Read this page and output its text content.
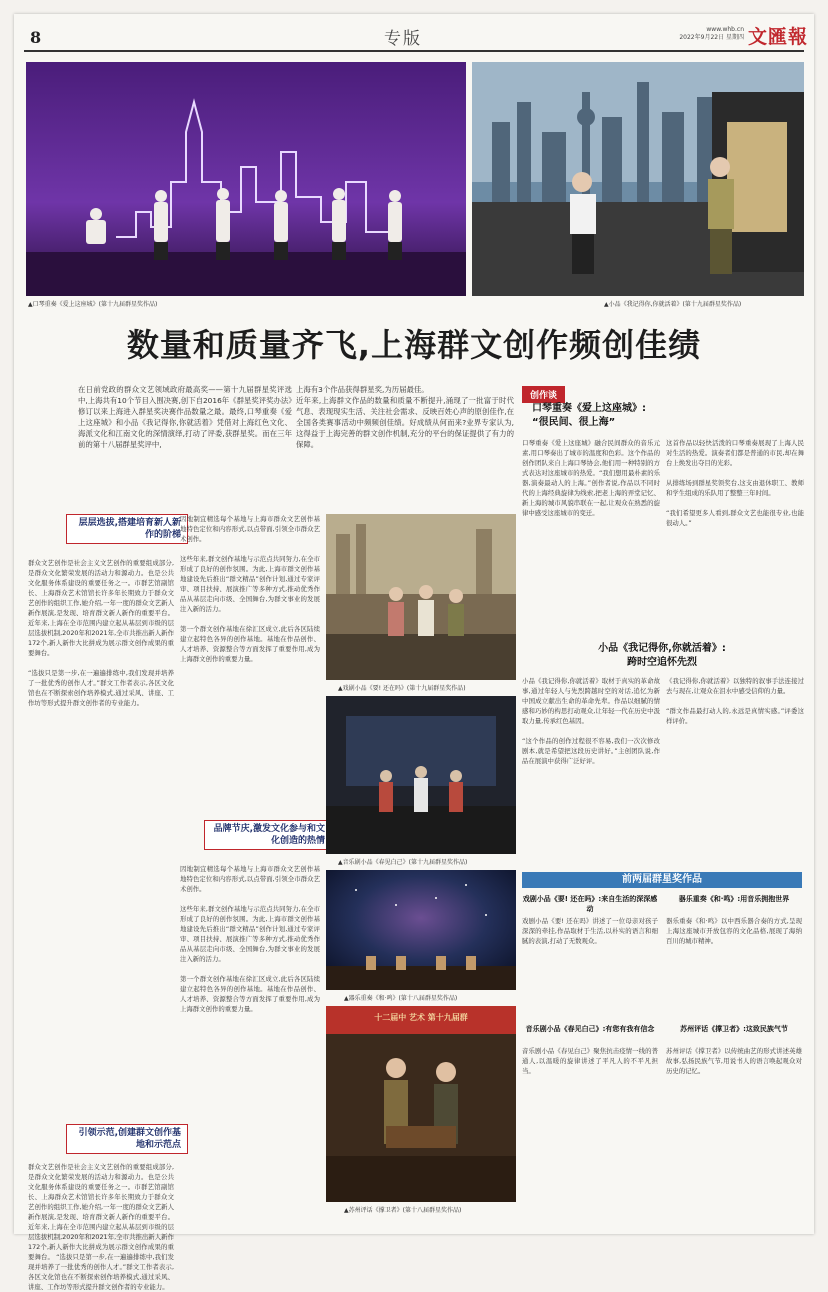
8	专版	www.whb.cn
2022年9月22日 星期四 文匯報
▲口琴重奏《爱上这座城》(第十九届群星奖作品)	▲小品《我记得你,你就活着》(第十九届群星奖作品)
数量和质量齐飞,上海群文创作频创佳绩
在日前党政的群众文艺领域政府最高奖——第十九届群星奖评选中,上海共有10个节目入围决赛,创下自2016年《群星奖评奖办法》修订以来上海进入群星奖决赛作品数量之最。最终,口琴重奏《爱上这座城》和小品《我记得你,你就活着》凭借对上海红色文化、海派文化和江南文化的深情演绎,打动了评委,获群星奖。而在三年前的第十八届群星奖评中,
上海有3个作品获得群星奖,为历届最佳。
近年来,上海群文作品的数量和质量不断提升,涌现了一批富于时代气息、表现现实生活、关注社会需求、反映百姓心声的原创佳作,在全国各类赛事活动中频频创佳绩。好成绩从何而来?业界专家认为,这得益于上海完善的群文创作机制,充分的平台的保证提供了有力的保障。
创作谈
口琴重奏《爱上这座城》:
“很民间、很上海”
口琴重奏《爱上这座城》融合民间群众的音乐元素,用口琴奏出了城市的温度和色彩。这个作品的创作团队来自上海口琴协会,他们用一种特别的方式表达对这座城市的热爱。“我们想用最朴素的乐器,演奏最动人的上海。”创作者说,作品以不同时代的上海经典旋律为线索,把老上海的弄堂记忆、新上海的城市风貌串联在一起,让观众在熟悉的旋律中感受这座城市的变迁。
这首作品以轻快活泼的口琴重奏展现了上海人民对生活的热爱。演奏者们都是普通的市民,却在舞台上焕发出夺目的光彩。

从排练场到群星奖领奖台,这支由退休职工、教师和学生组成的乐队用了整整三年时间。

“我们希望更多人看到,群众文艺也能很专业,也能很动人。”
小品《我记得你,你就活着》:
跨时空追怀先烈
小品《我记得你,你就活着》取材于真实的革命故事,通过年轻人与先烈跨越时空的对话,追忆为新中国成立献出生命的革命先辈。作品以细腻的情感和巧妙的构思打动观众,让年轻一代在历史中汲取力量,传承红色基因。

“这个作品的创作过程很不容易,我们一次次修改剧本,就是希望把这段历史讲好。”主创团队说,作品在展演中获得广泛好评。
《我记得你,你就活着》以独特的叙事手法连接过去与现在,让观众在泪水中感受信仰的力量。

“群文作品最打动人的,永远是真情实感。”评委这样评价。
前两届群星奖作品
戏剧小品《要! 还在吗》:来自生活的深深感动
戏剧小品《要! 还在吗》讲述了一位母亲对孩子深深的牵挂,作品取材于生活,以朴实的语言和细腻的表演,打动了无数观众。
器乐重奏《和·鸣》:用音乐拥抱世界
器乐重奏《和·鸣》以中西乐器合奏的方式,呈现上海这座城市开放包容的文化品格,展现了海纳百川的城市精神。
音乐剧小品《春见白己》:有您有我有信念
音乐剧小品《春见白己》聚焦抗击疫情一线的普通人,以温暖的旋律讲述了平凡人的不平凡担当。
苏州评话《撑卫者》:这致民族气节
苏州评话《撑卫者》以传统曲艺的形式讲述英雄故事,弘扬民族气节,用说书人的语言唤起观众对历史的记忆。
层层选拔,搭建培育新人新作的阶梯
群众文艺创作是社会主义文艺创作的重要组成部分,是群众文化繁荣发展的活动力和源动力。也是公共文化服务体系建设的重要任务之一。市群艺馆副馆长、上海群众艺术馆馆长许多年长期致力于群众文艺创作的组织工作,她介绍,一年一度的群众文艺新人新作展演,是发现、培育群文新人新作的重要平台。近年来,上海在全市范围内建立起从基层到市级的层层选拔机制,2020年和2021年,全市共推出新人新作172个,新人新作大比拼成为展示群文创作成果的重要舞台。

“选拔只是第一步,在一遍遍排练中,我们发现并培养了一批优秀的创作人才。”群文工作者表示,各区文化馆也在不断探索创作培养模式,通过采风、讲座、工作坊等形式提升群文创作者的专业能力。
引领示范,创建群文创作基地和示范点
群众文艺创作是社会主义文艺创作的重要组成部分,是群众文化繁荣发展的活动力和源动力。也是公共文化服务体系建设的重要任务之一。市群艺馆副馆长、上海群众艺术馆馆长许多年长期致力于群众文艺创作的组织工作,她介绍,一年一度的群众文艺新人新作展演,是发现、培育群文新人新作的重要平台。近年来,上海在全市范围内建立起从基层到市级的层层选拔机制,2020年和2021年,全市共推出新人新作172个,新人新作大比拼成为展示群文创作成果的重要舞台。 “选拔只是第一步,在一遍遍排练中,我们发现并培养了一批优秀的创作人才。”群文工作者表示,各区文化馆也在不断探索创作培养模式,通过采风、讲座、工作坊等形式提升群文创作者的专业能力。
因地制宜精选每个基地与上海市群众文艺创作基地特色定位和内容形式,以点带面,引领全市群众艺术创作。

这些年来,群文创作基地与示范点共同努力,在全市形成了良好的创作氛围。为此,上海市群文创作基地建设先后推出“群文精品”创作计划,通过专家评审、项目扶持、展演推广等多种方式,推动优秀作品从基层走向市级、全国舞台,为群文事业的发展注入新的活力。

第一个群文创作基地在徐汇区成立,此后各区陆续建立起特色各异的创作基地。基地在作品创作、人才培养、资源整合等方面发挥了重要作用,成为上海群文创作的重要力量。
品牌节庆,激发文化参与和文化创造的热情
因地制宜精选每个基地与上海市群众文艺创作基地特色定位和内容形式,以点带面,引领全市群众艺术创作。

这些年来,群文创作基地与示范点共同努力,在全市形成了良好的创作氛围。为此,上海市群文创作基地建设先后推出“群文精品”创作计划,通过专家评审、项目扶持、展演推广等多种方式,推动优秀作品从基层走向市级、全国舞台,为群文事业的发展注入新的活力。

第一个群文创作基地在徐汇区成立,此后各区陆续建立起特色各异的创作基地。基地在作品创作、人才培养、资源整合等方面发挥了重要作用,成为上海群文创作的重要力量。
▲戏剧小品《要! 还在吗》(第十九届群星奖作品)
▲音乐剧小品《春见白己》(第十九届群星奖作品)
▲器乐重奏《和·鸣》(第十八届群星奖作品)
十二届中 艺术 第十九届群
▲苏州评话《撑卫者》(第十八届群星奖作品)
